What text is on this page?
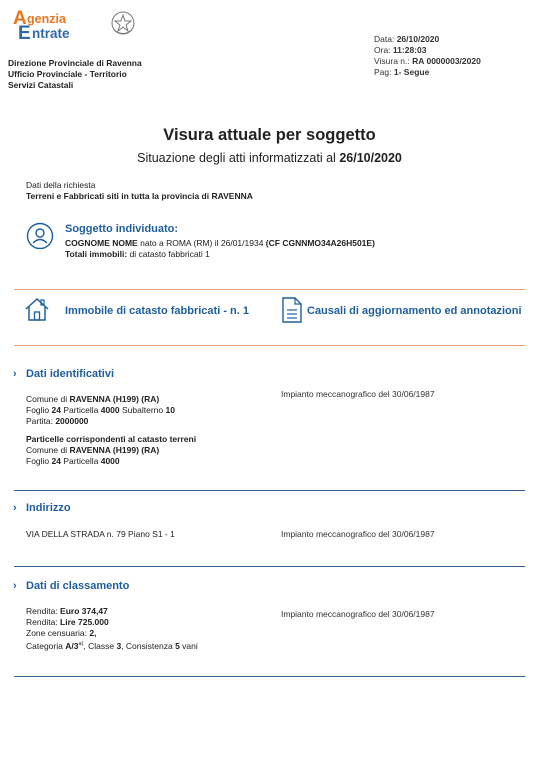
A genzia
E ntrate
Direzione Provinciale di Ravenna
Ufficio Provinciale - Territorio
Servizi Catastali
Data: 26/10/2020
Ora: 11:28:03
Visura n.: RA 0000003/2020
Pag: 1- Segue
Visura attuale per soggetto
Situazione degli atti informatizzati al 26/10/2020
Dati della richiesta
Terreni e Fabbricati siti in tutta la provincia di RAVENNA
Soggetto individuato:
COGNOME NOME nato a ROMA (RM) il 26/01/1934 (CF CGNNMO34A26H501E)
Totali immobili: di catasto fabbricati 1
Immobile di catasto fabbricati - n. 1	Causali di aggiornamento ed annotazioni
› Dati identificativi
Comune di RAVENNA (H199) (RA)
Foglio 24 Particella 4000 Subalterno 10
Partita: 2000000
Particelle corrispondenti al catasto terreni
Comune di RAVENNA (H199) (RA)
Foglio 24 Particella 4000
Impianto meccanografico del 30/06/1987
› Indirizzo
VIA DELLA STRADA n. 79 Piano S1 - 1	Impianto meccanografico del 30/06/1987
› Dati di classamento
Rendita: Euro 374,47
Rendita: Lire 725.000
Zone censuaria: 2,
Categoria A/3$^{a)}$, Classe 3, Consistenza 5 vani
Impianto meccanografico del 30/06/1987
